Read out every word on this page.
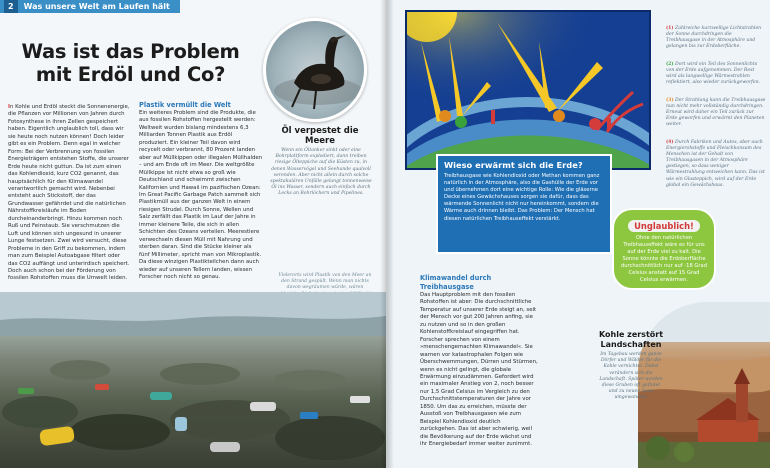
2 Was unsere Welt am Laufen hält
Was ist das Problem mit Erdöl und Co?
Öl verpestet die Meere
Wenn ein Öltanker sinkt oder eine Bohrplattform explodiert, dann treiben riesige Ölteppiche auf die Küsten zu, in denen Wasservögel und Seehunde qualvoll verenden. Aber nicht allein durch solche spektakulären Unfälle gelangt tonnenweise Öl ins Wasser, sondern auch einfach durch Lecks an Bohrlöchern und Pipelines.
In Kohle und Erdöl steckt die Sonnenenergie, die Pflanzen vor Millionen von Jahren durch Fotosynthese in ihren Zellen gespeichert haben. Eigentlich unglaublich toll, dass wir sie heute noch nutzen können! Doch leider gibt es ein Problem. Denn egal in welcher Form: Bei der Verbrennung von fossilen Energieträgern entstehen Stoffe, die unserer Erde heute nicht guttun. Da ist zum einen das Kohlendioxid, kurz CO2 genannt, das hauptsächlich für den Klimawandel verantwortlich gemacht wird. Nebenbei entsteht auch Stickstoff, der das Grundwasser gefährdet und die natürlichen Nährstoffkreisläufe im Boden durcheinanderbringt. Hinzu kommen noch Ruß und Feinstaub. Sie verschmutzen die Luft und können sich ungesund in unserer Lunge festsetzen. Zwei wird versucht, diese Probleme in den Griff zu bekommen, indem man zum Beispiel Autoabgase filtert oder das CO2 auffängt und unterirdisch speichert. Doch auch schon bei der Förderung von fossilen Rohstoffen muss die Umwelt leiden.
Plastik vermüllt die Welt
Ein weiteres Problem sind die Produkte, die aus fossilen Rohstoffen hergestellt werden: Weltweit wurden bislang mindestens 6,3 Milliarden Tonnen Plastik aus Erdöl produziert. Ein kleiner Teil davon wird recycelt oder verbrannt, 80 Prozent landen aber auf Müllkippen oder illegalen Müllhalden – und am Ende oft im Meer. Die weltgrößte Müllkippe ist nicht etwa so groß wie Deutschland und schwimmt zwischen Kalifornien und Hawaii im pazifischen Ozean: Im Great Pacific Garbage Patch sammelt sich Plastikmüll aus der ganzen Welt in einem riesigen Strudel. Durch Sonne, Wellen und Salz zerfällt das Plastik im Lauf der Jahre in immer kleinere Teile, die sich in allen Schichten des Ozeans verteilen. Meerestiere verwechseln diesen Müll mit Nahrung und sterben daran. Sind die Stücke kleiner als fünf Millimeter, spricht man von Mikroplastik. Da diese winzigen Plastikteilchen dann auch wieder auf unseren Tellern landen, wissen Forscher noch nicht so genau.	Vielerorts wird Plastik von den Meer an den Strand gespült. Wenn man nichts davon wegräumen würde, wären
Wieso erwärmt sich die Erde?
Treibhausgase wie Kohlendioxid oder Methan kommen ganz natürlich in der Atmosphäre, also die Gashülle der Erde vor und übernehmen dort eine wichtige Rolle: Wie die gläserne Decke eines Gewächshauses sorgen sie dafür, dass das wärmende Sonnenlicht nicht nur hereinkommt, sondern die Wärme auch drinnen bleibt. Das Problem: Der Mensch hat diesen natürlichen Treibhauseffekt verstärkt.
(1) Zahlreiche kurzwellige Lichtstrahlen der Sonne durchdringen die Treibhausgase in der Atmosphäre und gelangen bis zur Erdoberfläche.
(2) Dort wird ein Teil des Sonnenlichts von der Erde aufgenommen. Der Rest wird als langwellige Wärmestrahlen reflektiert, also wieder zurückgeworfen.
(3) Der Strahlung kann die Treibhausgase nun nicht mehr vollständig durchdringen. Erneut wird daher ein Teil zurück zur Erde geworfen und erwärmt den Planeten weiter.
(4) Durch Fabriken und Autos, aber auch Energierohstoffe und Fleischkonsum des Menschen ist der Gehalt von Treibhausgasen in der Atmosphäre gestiegen, so dass weniger Wärmestrahlung entweichen kann. Das ist wie ein Glasteppich, wird auf der Erde global ein Gewächshaus.
Unglaublich!
Ohne den natürlichen Treibhauseffekt wäre es für uns auf der Erde viel zu kalt. Die Sonne könnte die Erdoberfläche durchschnittlich nur auf -18 Grad Celsius anstatt auf 15 Grad Celsius erwärmen.
Klimawandel durch Treibhausgase
Das Hauptproblem mit den fossilen Rohstoffen ist aber: Die durchschnittliche Temperatur auf unserer Erde steigt an, seit der Mensch vor gut 200 Jahren anfing, sie zu nutzen und so in den großen Kohlenstoffkreislauf eingegriffen hat. Forscher sprechen von einem »menschengemachten Klimawandel«. Sie warnen vor katastrophalen Folgen wie Überschwemmungen, Dürren und Stürmen, wenn es nicht gelingt, die globale Erwärmung einzudämmen. Gefordert wird ein maximaler Anstieg von 2, noch besser nur 1,5 Grad Celsius im Vergleich zu den Durchschnittstemperaturen der Jahre vor 1850. Um das zu erreichen, müsste der Ausstoß von Treibhausgasen wie zum Beispiel Kohlendioxid deutlich zurückgehen. Das ist aber schwierig, weil die Bevölkerung auf der Erde wächst und ihr Energiebedarf immer weiter zunimmt.
Kohle zerstört Landschaften
Im Tagebau werden ganze Dörfer und Wälder für die Kohle vernichtet. Dabei verändern sich die Landschaft. Später werden diese Gruben oft geflutet und zu neuen Seen umgewandelt.
